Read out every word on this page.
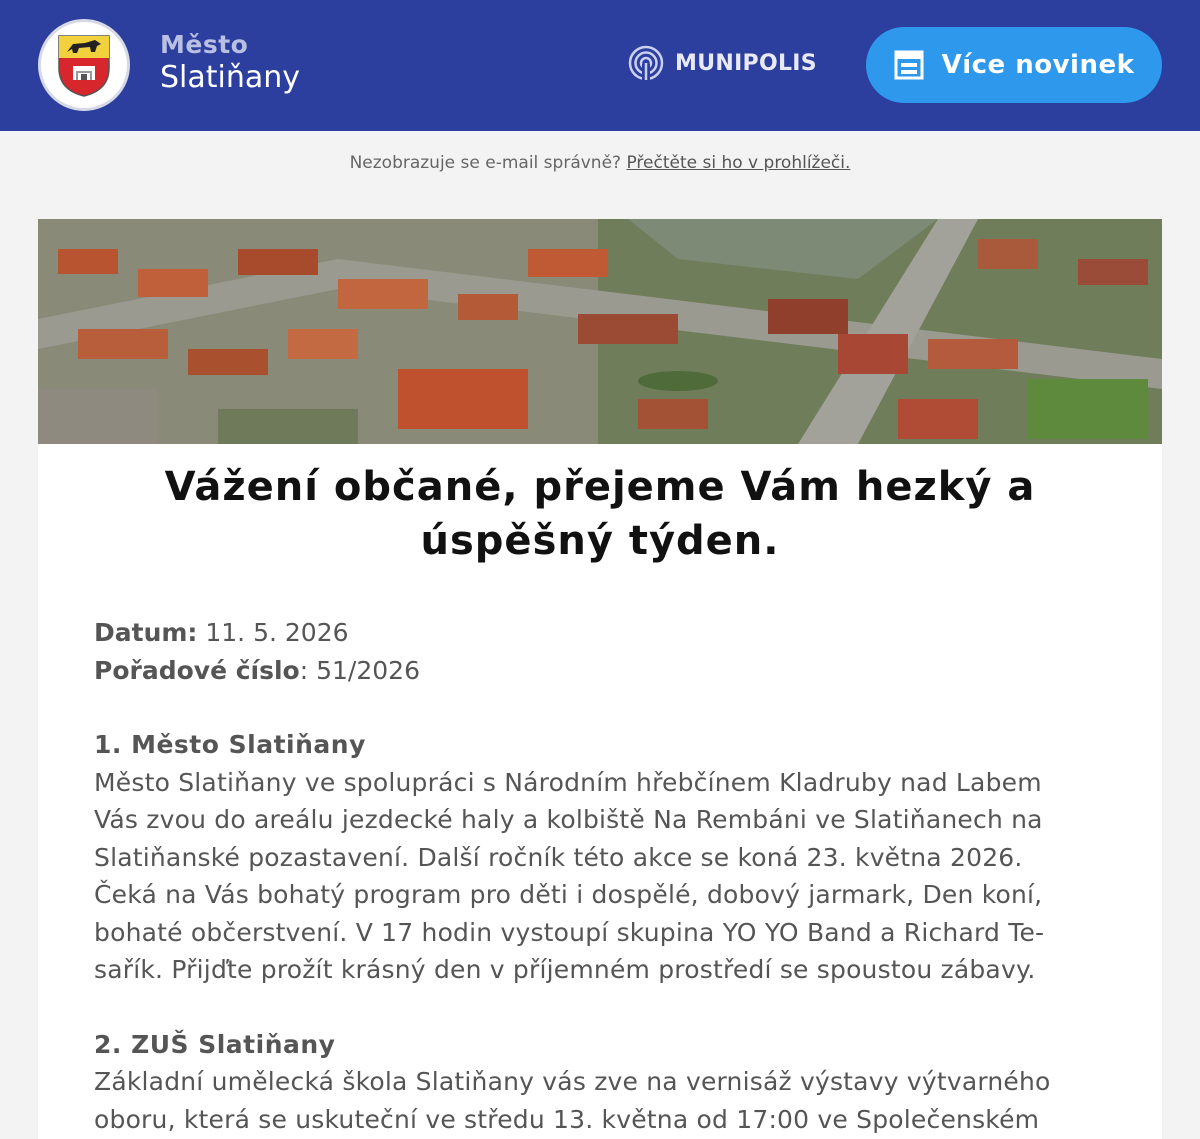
Město
Slatiňany	MUNIPOLIS	Více novinek
Nezobrazuje se e-mail správně? Přečtěte si ho v prohlížeči.
Vážení občané, přejeme Vám hezký a úspěšný týden.
Datum: 11. 5. 2026
Pořadové číslo: 51/2026
1. Město Slatiňany
Město Slatiňany ve spolupráci s Národním hřebčínem Kladruby nad Labem
Vás zvou do areálu jezdecké haly a kolbiště Na Rembáni ve Slatiňanech na
Slatiňanské pozastavení. Další ročník této akce se koná 23. května 2026.
Čeká na Vás bohatý program pro děti i dospělé, dobový jarmark, Den koní,
bohaté občerstvení. V 17 hodin vystoupí skupina YO YO Band a Richard Te-
sařík. Přijďte prožít krásný den v příjemném prostředí se spoustou zábavy.
2. ZUŠ Slatiňany
Základní umělecká škola Slatiňany vás zve na vernisáž výstavy výtvarného
oboru, která se uskuteční ve středu 13. května od 17:00 ve Společenském
